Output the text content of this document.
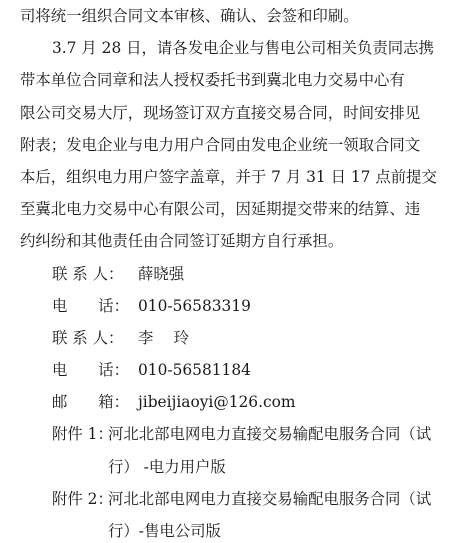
司将统一组织合同文本审核、确认、会签和印刷。
3.7 月 28 日，请各发电企业与售电公司相关负责同志携
带本单位合同章和法人授权委托书到冀北电力交易中心有
限公司交易大厅，现场签订双方直接交易合同，时间安排见
附表；发电企业与电力用户合同由发电企业统一领取合同文
本后，组织电力用户签字盖章，并于 7 月 31 日 17 点前提交
至冀北电力交易中心有限公司，因延期提交带来的结算、违
约纠纷和其他责任由合同签订延期方自行承担。
联 系 人： 薛晓强
电　　话： 010-56583319
联 系 人： 李　 玲
电　　话： 010-56581184
邮　　箱： jibeijiaoyi@126.com
附件 1：
河北北部电网电力直接交易输配电服务合同（试
行） -电力用户版
附件 2：
河北北部电网电力直接交易输配电服务合同（试
行）-售电公司版
